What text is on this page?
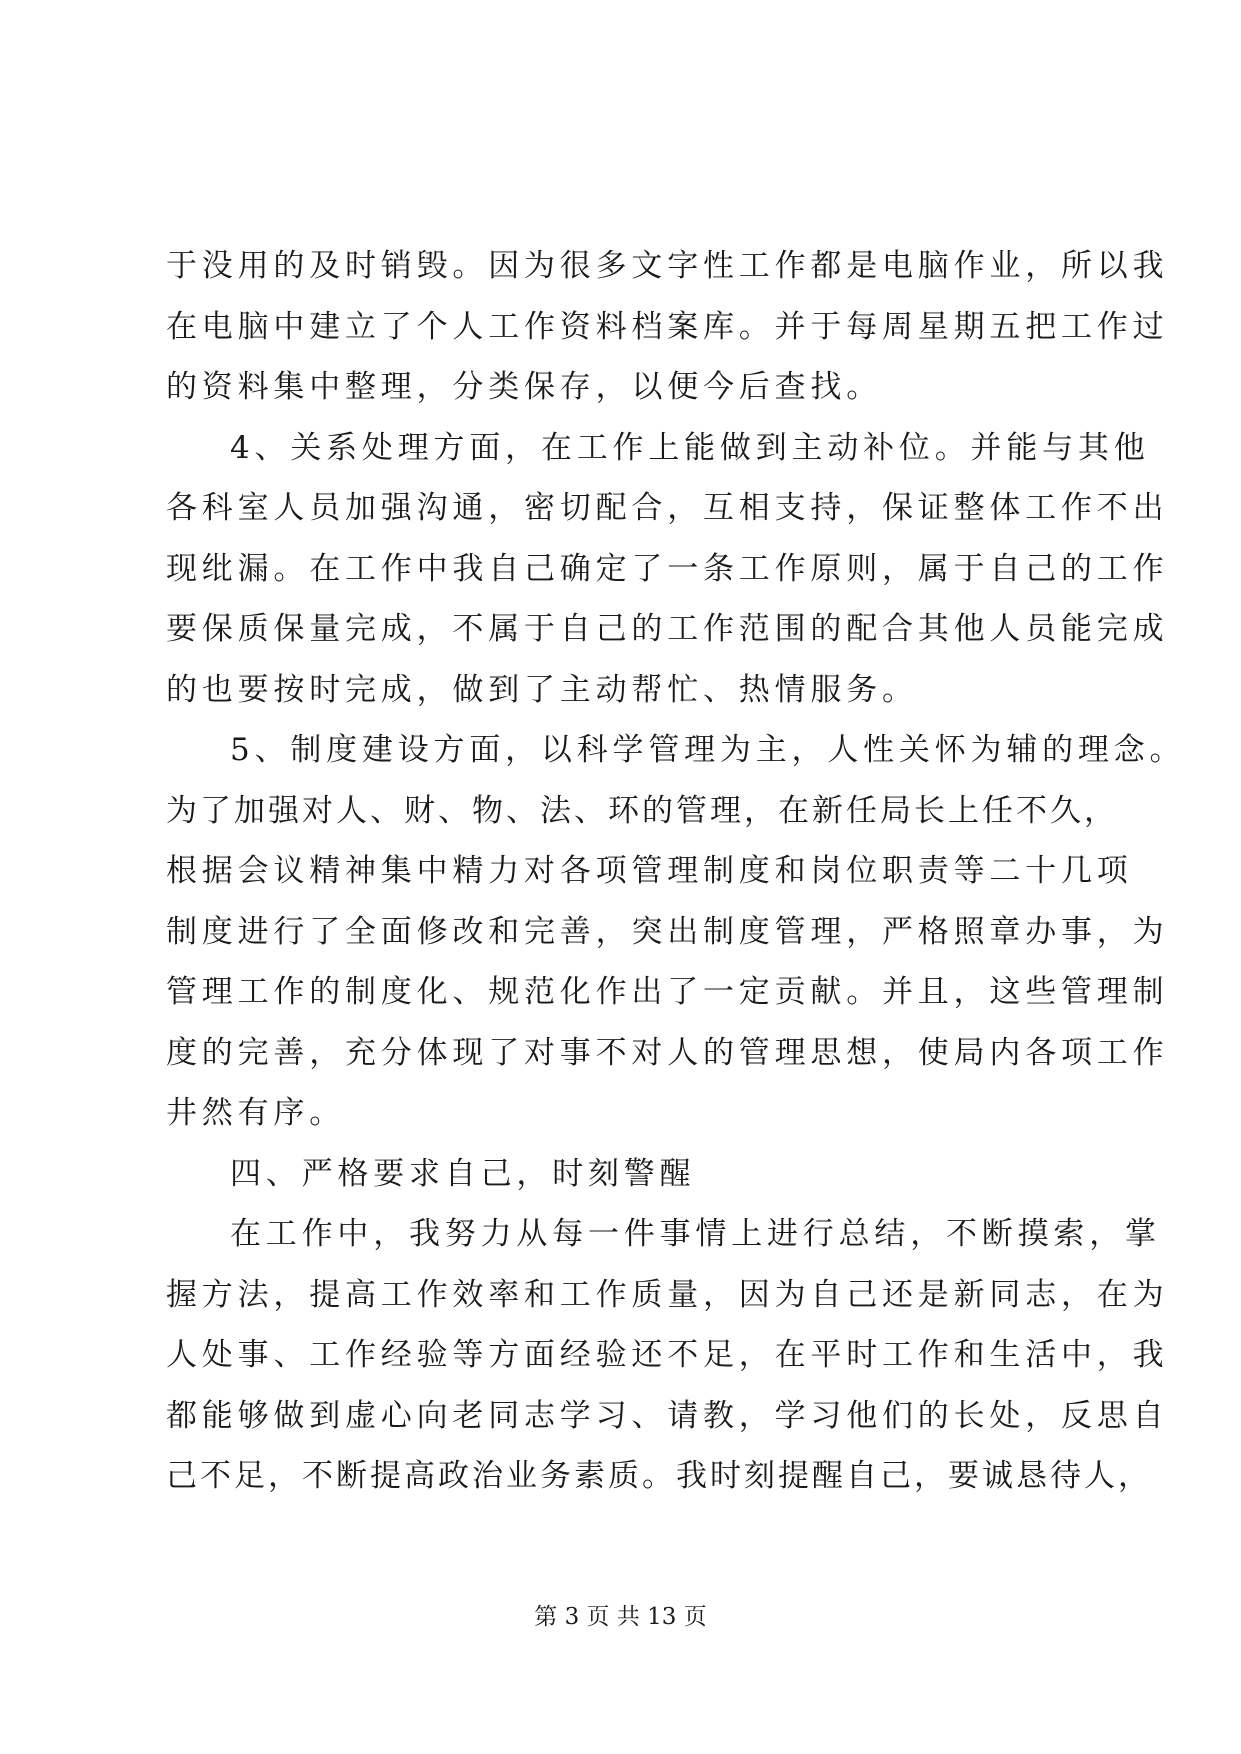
于没用的及时销毁。因为很多文字性工作都是电脑作业，所以我
在电脑中建立了个人工作资料档案库。并于每周星期五把工作过
的资料集中整理，分类保存，以便今后查找。
4、关系处理方面，在工作上能做到主动补位。并能与其他
各科室人员加强沟通，密切配合，互相支持，保证整体工作不出
现纰漏。在工作中我自己确定了一条工作原则，属于自己的工作
要保质保量完成，不属于自己的工作范围的配合其他人员能完成
的也要按时完成，做到了主动帮忙、热情服务。
5、制度建设方面，以科学管理为主，人性关怀为辅的理念。
为了加强对人、财、物、法、环的管理，在新任局长上任不久，
根据会议精神集中精力对各项管理制度和岗位职责等二十几项
制度进行了全面修改和完善，突出制度管理，严格照章办事，为
管理工作的制度化、规范化作出了一定贡献。并且，这些管理制
度的完善，充分体现了对事不对人的管理思想，使局内各项工作
井然有序。
四、严格要求自己，时刻警醒
在工作中，我努力从每一件事情上进行总结，不断摸索，掌
握方法，提高工作效率和工作质量，因为自己还是新同志，在为
人处事、工作经验等方面经验还不足，在平时工作和生活中，我
都能够做到虚心向老同志学习、请教，学习他们的长处，反思自
己不足，不断提高政治业务素质。我时刻提醒自己，要诚恳待人，
第 3 页 共 13 页
